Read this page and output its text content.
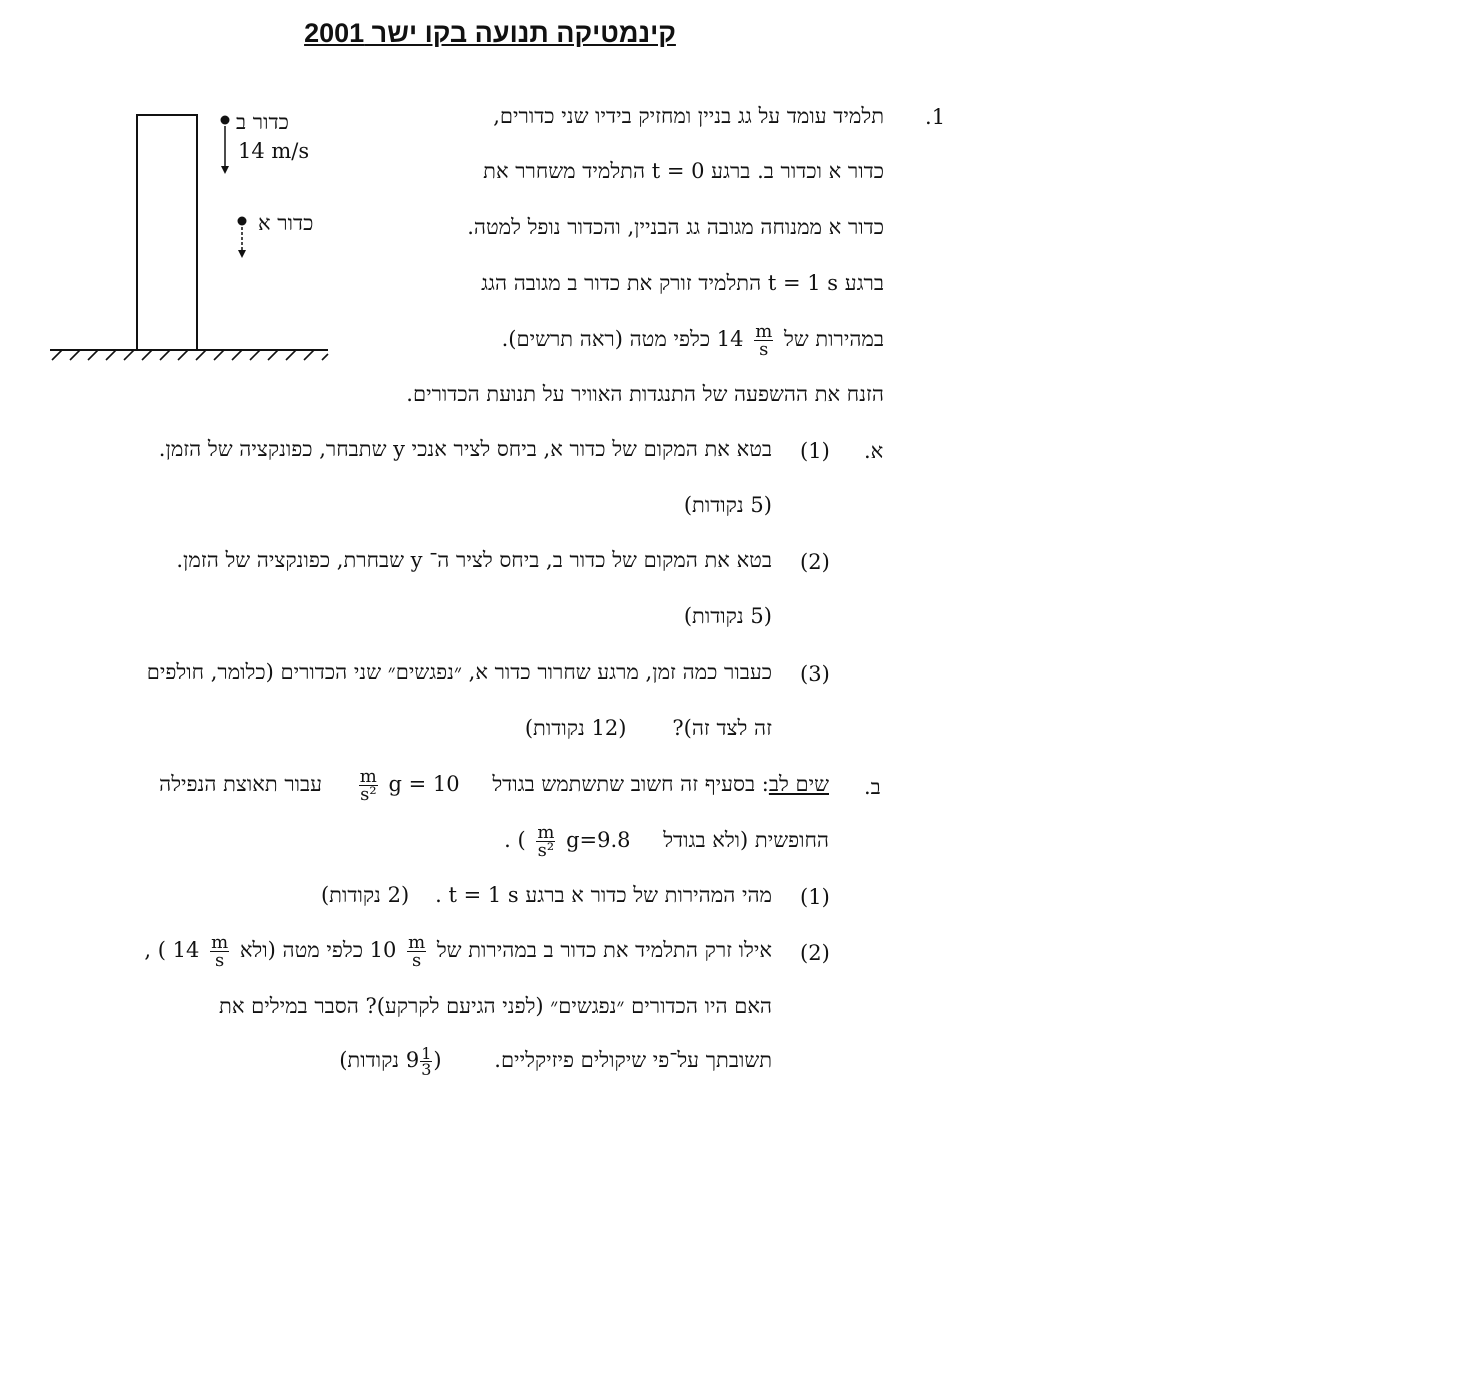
קינמטיקה תנועה בקו ישר 2001
כדור ב
14 m/s
כדור א
1.
תלמיד עומד על גג בניין ומחזיק בידיו שני כדורים,
כדור א וכדור ב. ברגע t = 0 התלמיד משחרר את
כדור א ממנוחה מגובה גג הבניין, והכדור נופל למטה.
ברגע t = 1 s התלמיד זורק את כדור ב מגובה הגג
במהירות של
$\frac{m}{s}$
14 כלפי מטה (ראה תרשים).
הזנח את ההשפעה של התנגדות האוויר על תנועת הכדורים.
א.
(1)
בטא את המקום של כדור א, ביחס לציר אנכי y שתבחר, כפונקציה של הזמן.
(5 נקודות)
(2)
בטא את המקום של כדור ב, ביחס לציר ה־ y שבחרת, כפונקציה של הזמן.
(5 נקודות)
(3)
כעבור כמה זמן, מרגע שחרור כדור א, ״נפגשים״ שני הכדורים (כלומר, חולפים
זה לצד זה)?(12 נקודות)
ב.
שים לב: בסעיף זה חשוב שתשתמש בגודל g = 10
$\frac{m}{\text{s²}}$
עבור תאוצת הנפילה
החופשית (ולא בגודל g=9.8
$\frac{m}{\text{s²}}$
) .
(1)
מהי המהירות של כדור א ברגע t = 1 s .(2 נקודות)
(2)
אילו זרק התלמיד את כדור ב במהירות של
$\frac{m}{s}$
10 כלפי מטה (ולא
$\frac{m}{s}$
14 ) ,
האם היו הכדורים ״נפגשים״ (לפני הגיעם לקרקע)? הסבר במילים את
תשובתך על־פי שיקולים פיזיקליים. (
$\frac{1}{3}$
9 נקודות)
